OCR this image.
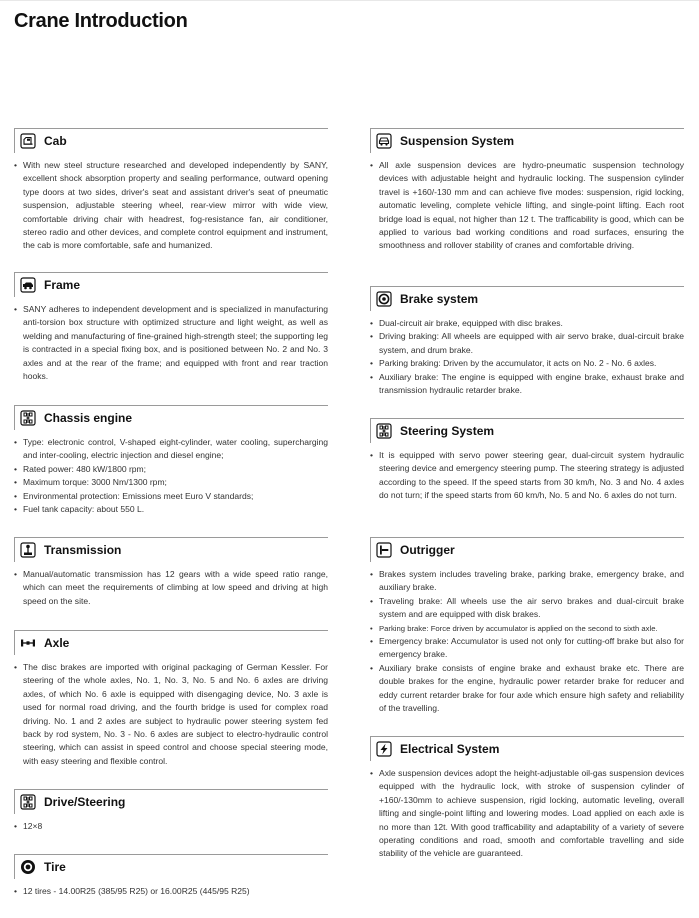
Crane Introduction
Cab
• With new steel structure researched and developed independently by SANY, excellent shock absorption property and sealing performance, outward opening type doors at two sides, driver's seat and assistant driver's seat of pneumatic suspension, adjustable steering wheel, rear-view mirror with wide view, comfortable driving chair with headrest, fog-resistance fan, air conditioner, stereo radio and other devices, and complete control equipment and instrument, the cab is more comfortable, safe and humanized.
Frame
• SANY adheres to independent development and is specialized in manufacturing anti-torsion box structure with optimized structure and light weight, as well as welding and manufacturing of fine-grained high-strength steel; the supporting leg is contracted in a special fixing box, and is positioned between No. 2 and No. 3 axles and at the rear of the frame; and equipped with front and rear traction hooks.
Chassis engine
• Type: electronic control, V-shaped eight-cylinder, water cooling, supercharging and inter-cooling, electric injection and diesel engine;
• Rated power: 480 kW/1800 rpm;
• Maximum torque: 3000 Nm/1300 rpm;
• Environmental protection: Emissions meet Euro V standards;
• Fuel tank capacity: about 550 L.
Transmission
• Manual/automatic transmission has 12 gears with a wide speed ratio range, which can meet the requirements of climbing at low speed and driving at high speed on the site.
Axle
• The disc brakes are imported with original packaging of German Kessler. For steering of the whole axles, No. 1, No. 3, No. 5 and No. 6 axles are driving axles, of which No. 6 axle is equipped with disengaging device, No. 3 axle is used for normal road driving, and the fourth bridge is used for complex road driving. No. 1 and 2 axles are subject to hydraulic power steering system fed back by rod system, No. 3 - No. 6 axles are subject to electro-hydraulic control steering, which can assist in speed control and choose special steering mode, with easy steering and flexible control.
Drive/Steering
• 12×8
Tire
• 12 tires - 14.00R25 (385/95 R25) or 16.00R25 (445/95 R25)
Suspension System
• All axle suspension devices are hydro-pneumatic suspension technology devices with adjustable height and hydraulic locking. The suspension cylinder travel is +160/-130 mm and can achieve five modes: suspension, rigid locking, automatic leveling, complete vehicle lifting, and single-point lifting. Each root bridge load is equal, not higher than 12 t. The trafficability is good, which can be applied to various bad working conditions and road surfaces, ensuring the smoothness and rollover stability of cranes and comfortable driving.
Brake system
• Dual-circuit air brake, equipped with disc brakes.
• Driving braking: All wheels are equipped with air servo brake, dual-circuit brake system, and drum brake.
• Parking braking: Driven by the accumulator, it acts on No. 2 - No. 6 axles.
• Auxiliary brake: The engine is equipped with engine brake, exhaust brake and transmission hydraulic retarder brake.
Steering System
• It is equipped with servo power steering gear, dual-circuit system hydraulic steering device and emergency steering pump. The steering strategy is adjusted according to the speed. If the speed starts from 30 km/h, No. 3 and No. 4 axles do not turn; if the speed starts from 60 km/h, No. 5 and No. 6 axles do not turn.
Outrigger
• Brakes system includes traveling brake, parking brake, emergency brake, and auxiliary brake.
• Traveling brake: All wheels use the air servo brakes and dual-circuit brake system and are equipped with disk brakes.
• Parking brake: Force driven by accumulator is applied on the second to sixth axle.
• Emergency brake: Accumulator is used not only for cutting-off brake but also for emergency brake.
• Auxiliary brake consists of engine brake and exhaust brake etc. There are double brakes for the engine, hydraulic power retarder brake for reducer and eddy current retarder brake for four axle which ensure high safety and reliability of the travelling.
Electrical System
• Axle suspension devices adopt the height-adjustable oil-gas suspension devices equipped with the hydraulic lock, with stroke of suspension cylinder of +160/-130mm to achieve suspension, rigid locking, automatic leveling, overall lifting and single-point lifting and lowering modes. Load applied on each axle is no more than 12t. With good trafficability and adaptability of a variety of severe operating conditions and road, smooth and comfortable travelling and side stability of the vehicle are guaranteed.
